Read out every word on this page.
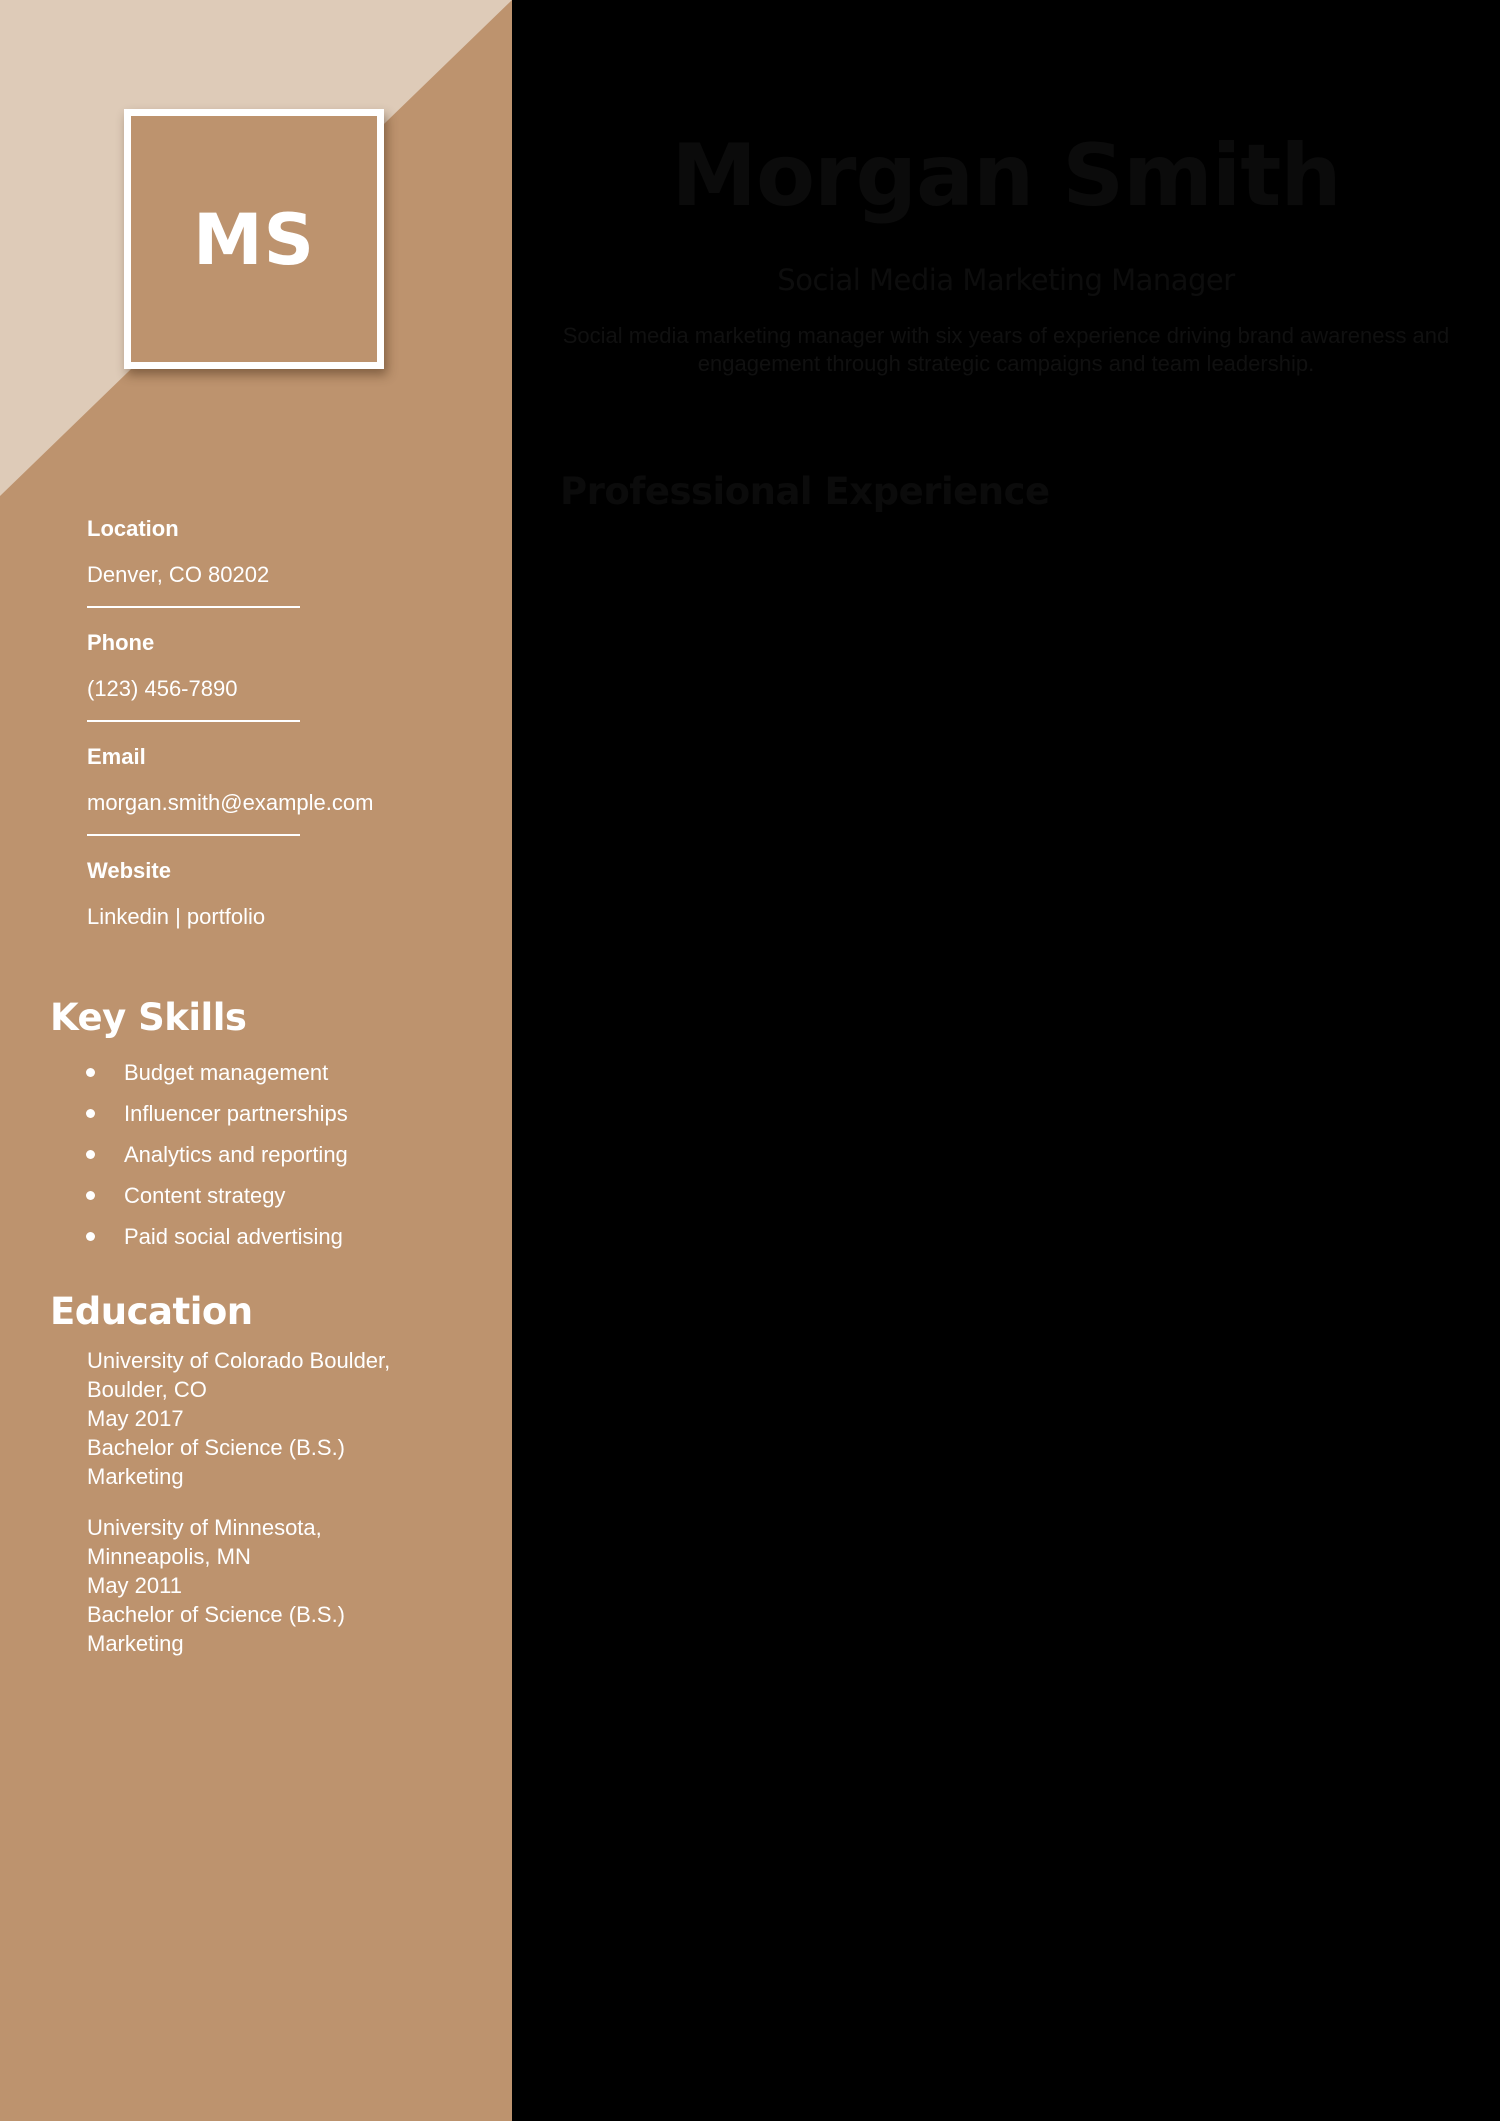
MS
Location
Denver, CO 80202
Phone
(123) 456-7890
Email
morgan.smith@example.com
Website
Linkedin | portfolio
Key Skills
Budget management
Influencer partnerships
Analytics and reporting
Content strategy
Paid social advertising
Education
University of Colorado Boulder,
Boulder, CO
May 2017
Bachelor of Science (B.S.)
Marketing
University of Minnesota,
Minneapolis, MN
May 2011
Bachelor of Science (B.S.)
Marketing
Morgan Smith
Social Media Marketing Manager

Social media marketing manager with six years of experience driving brand awareness and engagement through strategic campaigns and team leadership.

Professional Experience
